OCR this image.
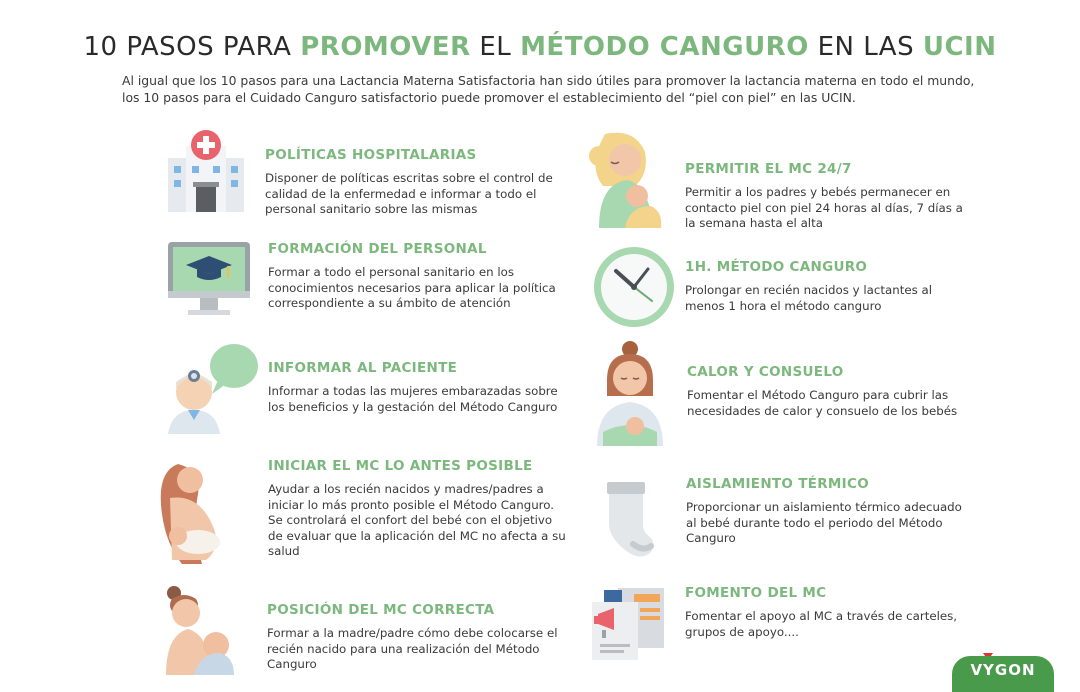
10 PASOS PARA PROMOVER EL MÉTODO CANGURO EN LAS UCIN

Al igual que los 10 pasos para una Lactancia Materna Satisfactoria han sido útiles para promover la lactancia materna en todo el mundo, los 10 pasos para el Cuidado Canguro satisfactorio puede promover el establecimiento del “piel con piel” en las UCIN.

POLÍTICAS HOSPITALARIAS

Disponer de políticas escritas sobre el control de calidad de la enfermedad e informar a todo el personal sanitario sobre las mismas

FORMACIÓN DEL PERSONAL

Formar a todo el personal sanitario en los conocimientos necesarios para aplicar la política correspondiente a su ámbito de atención

INFORMAR AL PACIENTE

Informar a todas las mujeres embarazadas sobre los beneficios y la gestación del Método Canguro

INICIAR EL MC LO ANTES POSIBLE

Ayudar a los recién nacidos y madres/padres a iniciar lo más pronto posible el Método Canguro. Se controlará el confort del bebé con el objetivo de evaluar que la aplicación del MC no afecta a su salud

POSICIÓN DEL MC CORRECTA

Formar a la madre/padre cómo debe colocarse el recién nacido para una realización del Método Canguro

PERMITIR EL MC 24/7

Permitir a los padres y bebés permanecer en contacto piel con piel 24 horas al días, 7 días a la semana hasta el alta

1H. MÉTODO CANGURO

Prolongar en recién nacidos y lactantes al menos 1 hora el método canguro

CALOR Y CONSUELO

Fomentar el Método Canguro para cubrir las necesidades de calor y consuelo de los bebés

AISLAMIENTO TÉRMICO

Proporcionar un aislamiento térmico adecuado al bebé durante todo el periodo del Método Canguro

FOMENTO DEL MC

Fomentar el apoyo al MC a través de carteles, grupos de apoyo....

VYGON
